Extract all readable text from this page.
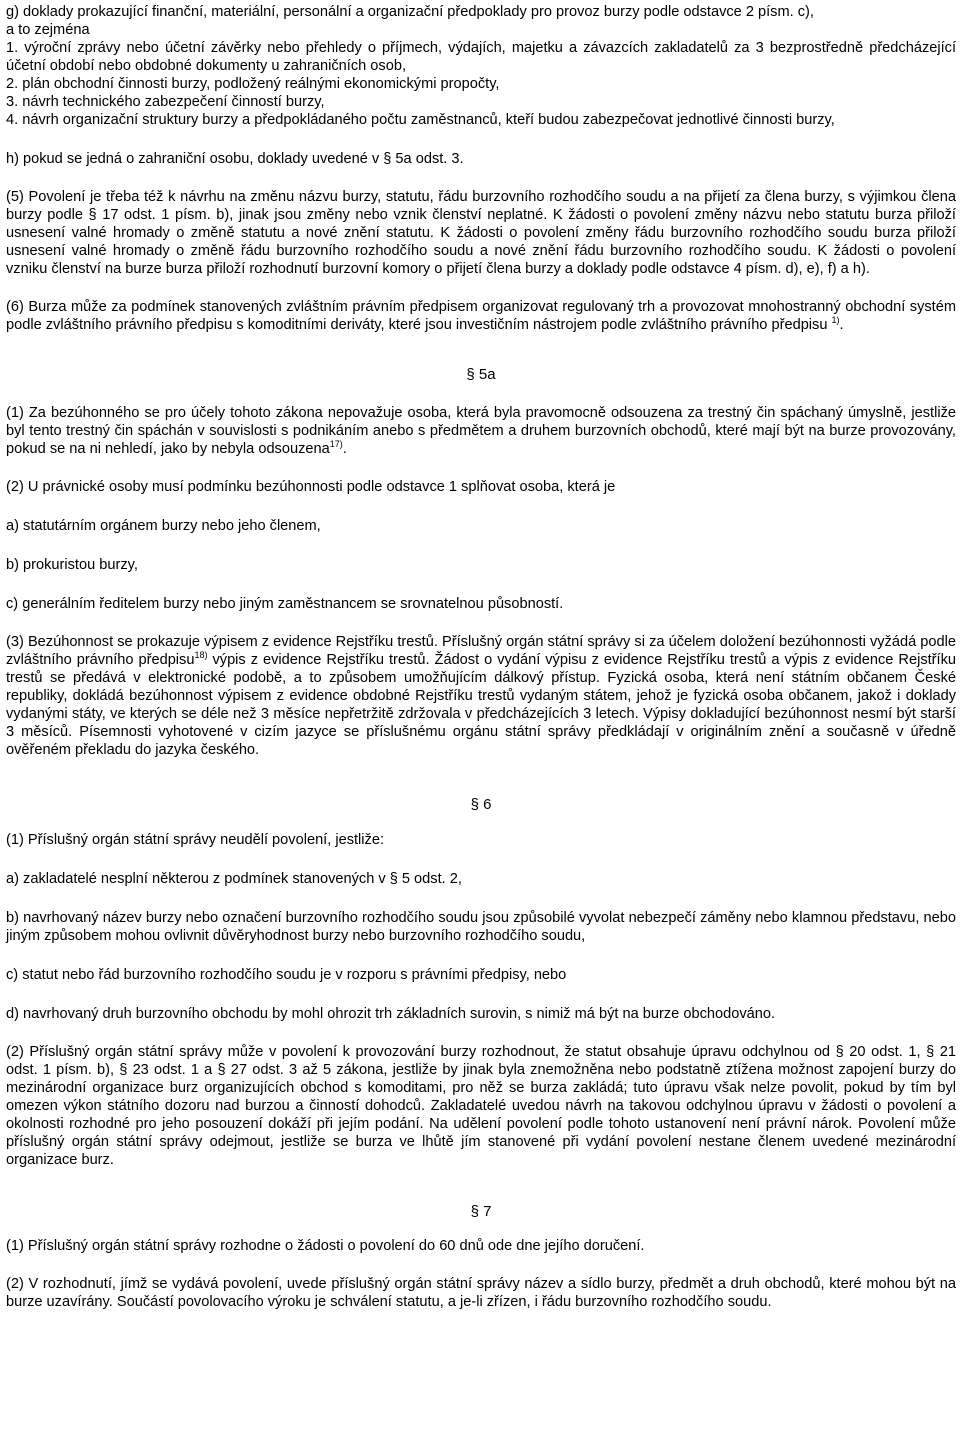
g) doklady prokazující finanční, materiální, personální a organizační předpoklady pro provoz burzy podle odstavce 2 písm. c),

a to zejména

1. výroční zprávy nebo účetní závěrky nebo přehledy o příjmech, výdajích, majetku a závazcích zakladatelů za 3 bezprostředně předcházející účetní období nebo obdobné dokumenty u zahraničních osob,

2. plán obchodní činnosti burzy, podložený reálnými ekonomickými propočty,

3. návrh technického zabezpečení činností burzy,

4. návrh organizační struktury burzy a předpokládaného počtu zaměstnanců, kteří budou zabezpečovat jednotlivé činnosti burzy,

h) pokud se jedná o zahraniční osobu, doklady uvedené v § 5a odst. 3.

(5) Povolení je třeba též k návrhu na změnu názvu burzy, statutu, řádu burzovního rozhodčího soudu a na přijetí za člena burzy, s výjimkou člena burzy podle § 17 odst. 1 písm. b), jinak jsou změny nebo vznik členství neplatné. K žádosti o povolení změny názvu nebo statutu burza přiloží usnesení valné hromady o změně statutu a nové znění statutu. K žádosti o povolení změny řádu burzovního rozhodčího soudu burza přiloží usnesení valné hromady o změně řádu burzovního rozhodčího soudu a nové znění řádu burzovního rozhodčího soudu. K žádosti o povolení vzniku členství na burze burza přiloží rozhodnutí burzovní komory o přijetí člena burzy a doklady podle odstavce 4 písm. d), e), f) a h).

(6) Burza může za podmínek stanovených zvláštním právním předpisem organizovat regulovaný trh a provozovat mnohostranný obchodní systém podle zvláštního právního předpisu s komoditními deriváty, které jsou investičním nástrojem podle zvláštního právního předpisu $^{1)}$.

§ 5a

(1) Za bezúhonného se pro účely tohoto zákona nepovažuje osoba, která byla pravomocně odsouzena za trestný čin spáchaný úmyslně, jestliže byl tento trestný čin spáchán v souvislosti s podnikáním anebo s předmětem a druhem burzovních obchodů, které mají být na burze provozovány, pokud se na ni nehledí, jako by nebyla odsouzena$^{17)}$.

(2) U právnické osoby musí podmínku bezúhonnosti podle odstavce 1 splňovat osoba, která je

a) statutárním orgánem burzy nebo jeho členem,

b) prokuristou burzy,

c) generálním ředitelem burzy nebo jiným zaměstnancem se srovnatelnou působností.

(3) Bezúhonnost se prokazuje výpisem z evidence Rejstříku trestů. Příslušný orgán státní správy si za účelem doložení bezúhonnosti vyžádá podle zvláštního právního předpisu$^{18)}$ výpis z evidence Rejstříku trestů. Žádost o vydání výpisu z evidence Rejstříku trestů a výpis z evidence Rejstříku trestů se předává v elektronické podobě, a to způsobem umožňujícím dálkový přístup. Fyzická osoba, která není státním občanem České republiky, dokládá bezúhonnost výpisem z evidence obdobné Rejstříku trestů vydaným státem, jehož je fyzická osoba občanem, jakož i doklady vydanými státy, ve kterých se déle než 3 měsíce nepřetržitě zdržovala v předcházejících 3 letech. Výpisy dokladující bezúhonnost nesmí být starší 3 měsíců. Písemnosti vyhotovené v cizím jazyce se příslušnému orgánu státní správy předkládají v originálním znění a současně v úředně ověřeném překladu do jazyka českého.

§ 6

(1) Příslušný orgán státní správy neudělí povolení, jestliže:

a) zakladatelé nesplní některou z podmínek stanovených v § 5 odst. 2,

b) navrhovaný název burzy nebo označení burzovního rozhodčího soudu jsou způsobilé vyvolat nebezpečí záměny nebo klamnou představu, nebo jiným způsobem mohou ovlivnit důvěryhodnost burzy nebo burzovního rozhodčího soudu,

c) statut nebo řád burzovního rozhodčího soudu je v rozporu s právními předpisy, nebo

d) navrhovaný druh burzovního obchodu by mohl ohrozit trh základních surovin, s nimiž má být na burze obchodováno.

(2) Příslušný orgán státní správy může v povolení k provozování burzy rozhodnout, že statut obsahuje úpravu odchylnou od § 20 odst. 1, § 21 odst. 1 písm. b), § 23 odst. 1 a § 27 odst. 3 až 5 zákona, jestliže by jinak byla znemožněna nebo podstatně ztížena možnost zapojení burzy do mezinárodní organizace burz organizujících obchod s komoditami, pro něž se burza zakládá; tuto úpravu však nelze povolit, pokud by tím byl omezen výkon státního dozoru nad burzou a činností dohodců. Zakladatelé uvedou návrh na takovou odchylnou úpravu v žádosti o povolení a okolnosti rozhodné pro jeho posouzení dokáží při jejím podání. Na udělení povolení podle tohoto ustanovení není právní nárok. Povolení může příslušný orgán státní správy odejmout, jestliže se burza ve lhůtě jím stanovené při vydání povolení nestane členem uvedené mezinárodní organizace burz.

§ 7

(1) Příslušný orgán státní správy rozhodne o žádosti o povolení do 60 dnů ode dne jejího doručení.

(2) V rozhodnutí, jímž se vydává povolení, uvede příslušný orgán státní správy název a sídlo burzy, předmět a druh obchodů, které mohou být na burze uzavírány. Součástí povolovacího výroku je schválení statutu, a je-li zřízen, i řádu burzovního rozhodčího soudu.
